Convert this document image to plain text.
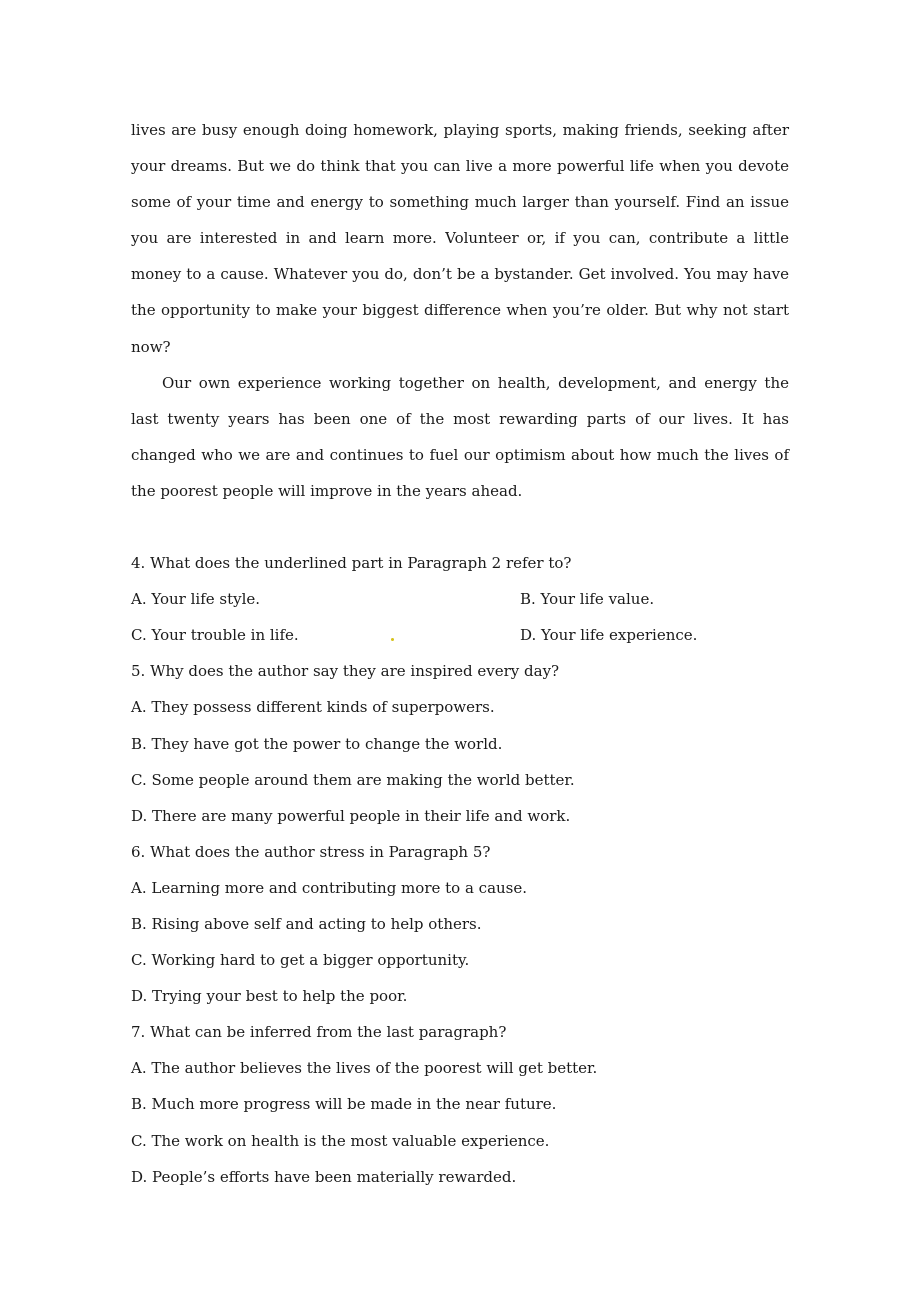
lives are busy enough doing homework, playing sports, making friends, seeking after your dreams. But we do think that you can live a more powerful life when you devote some of your time and energy to something much larger than yourself. Find an issue you are interested in and learn more. Volunteer or, if you can, contribute a little money to a cause. Whatever you do, don’t be a bystander. Get involved. You may have the opportunity to make your biggest difference when you’re older. But why not start now?

Our own experience working together on health, development, and energy the last twenty years has been one of the most rewarding parts of our lives. It has changed who we are and continues to fuel our optimism about how much the lives of the poorest people will improve in the years ahead.

4. What does the underlined part in Paragraph 2 refer to?
A. Your life style.	B. Your life value.
C. Your trouble in life.	D. Your life experience.
5. Why does the author say they are inspired every day?
A. They possess different kinds of superpowers.
B. They have got the power to change the world.
C. Some people around them are making the world better.
D. There are many powerful people in their life and work.
6. What does the author stress in Paragraph 5?
A. Learning more and contributing more to a cause.
B. Rising above self and acting to help others.
C. Working hard to get a bigger opportunity.
D. Trying your best to help the poor.
7. What can be inferred from the last paragraph?
A. The author believes the lives of the poorest will get better.
B. Much more progress will be made in the near future.
C. The work on health is the most valuable experience.
D. People’s efforts have been materially rewarded.
